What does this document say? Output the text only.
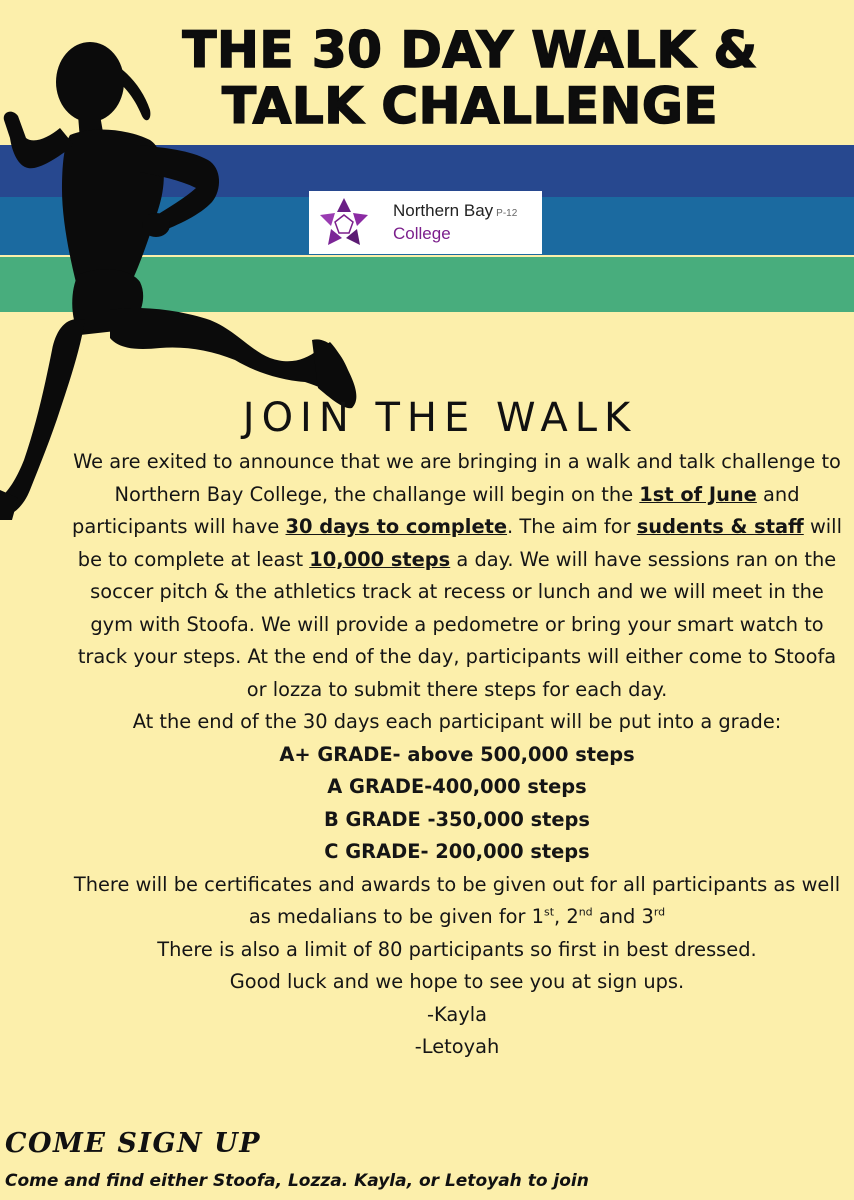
THE 30 DAY WALK &
TALK CHALLENGE
Northern Bay P-12
College
JOIN THE WALK

We are exited to announce that we are bringing in a walk and talk challenge to Northern Bay College, the challange will begin on the 1st of June and participants will have 30 days to complete. The aim for sudents & staff will be to complete at least 10,000 steps a day. We will have sessions ran on the soccer pitch & the athletics track at recess or lunch and we will meet in the gym with Stoofa. We will provide a pedometre or bring your smart watch to track your steps. At the end of the day, participants will either come to Stoofa or lozza to submit there steps for each day.

At the end of the 30 days each participant will be put into a grade:

A+ GRADE- above 500,000 steps

A GRADE-400,000 steps

B GRADE -350,000 steps

C GRADE- 200,000 steps

There will be certificates and awards to be given out for all participants as well as medalians to be given for 1st, 2nd and 3rd

There is also a limit of 80 participants so first in best dressed.

Good luck and we hope to see you at sign ups.

-Kayla

-Letoyah

COME SIGN UP

Come and find either Stoofa, Lozza. Kayla, or Letoyah to join
